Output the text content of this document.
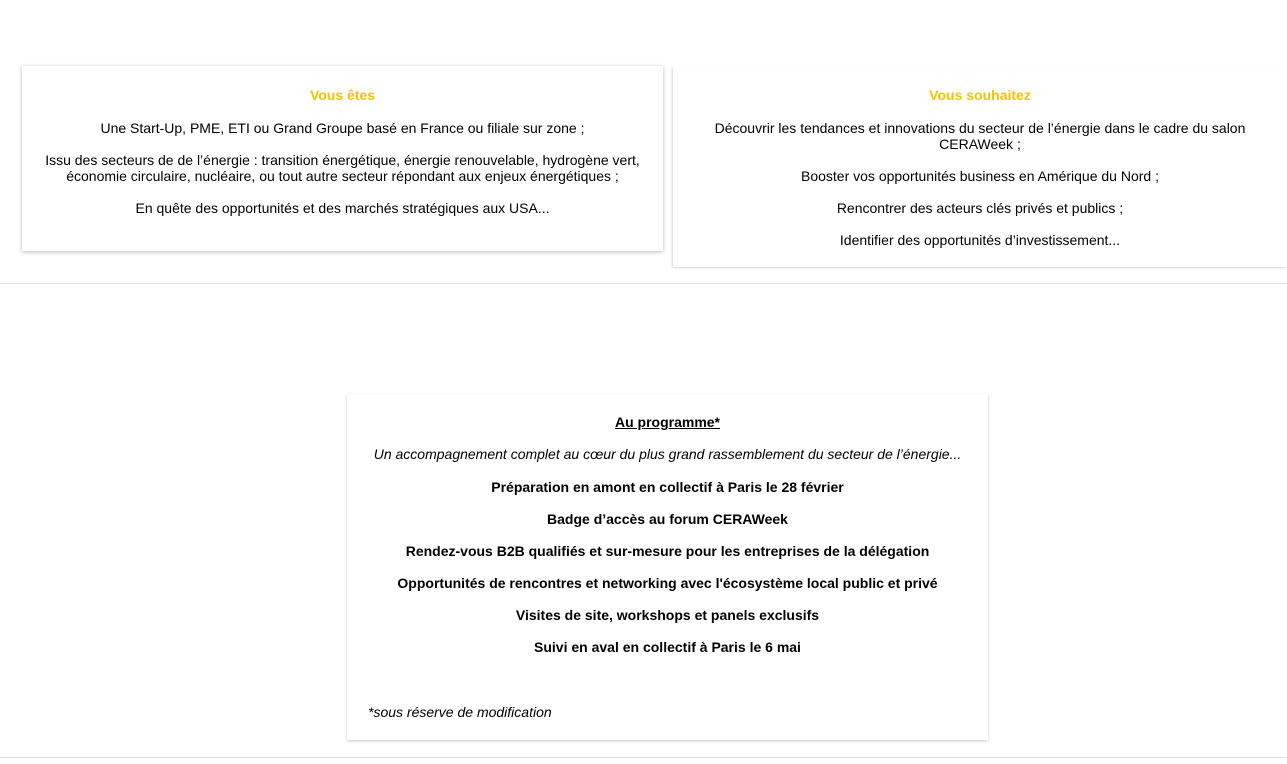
Vous êtes

Une Start-Up, PME, ETI ou Grand Groupe basé en France ou filiale sur zone ;

Issu des secteurs de de l’énergie : transition énergétique, énergie renouvelable, hydrogène vert, économie circulaire, nucléaire, ou tout autre secteur répondant aux enjeux énergétiques ;

En quête des opportunités et des marchés stratégiques aux USA...

Vous souhaitez

Découvrir les tendances et innovations du secteur de l’énergie dans le cadre du salon CERAWeek ;

Booster vos opportunités business en Amérique du Nord ;

Rencontrer des acteurs clés privés et publics ;

Identifier des opportunités d’investissement...

Au programme*
Un accompagnement complet au cœur du plus grand rassemblement du secteur de l’énergie...
Préparation en amont en collectif à Paris le 28 février
Badge d’accès au forum CERAWeek
Rendez-vous B2B qualifiés et sur-mesure pour les entreprises de la délégation
Opportunités de rencontres et networking avec l'écosystème local public et privé
Visites de site, workshops et panels exclusifs
Suivi en aval en collectif à Paris le 6 mai
*sous réserve de modification
